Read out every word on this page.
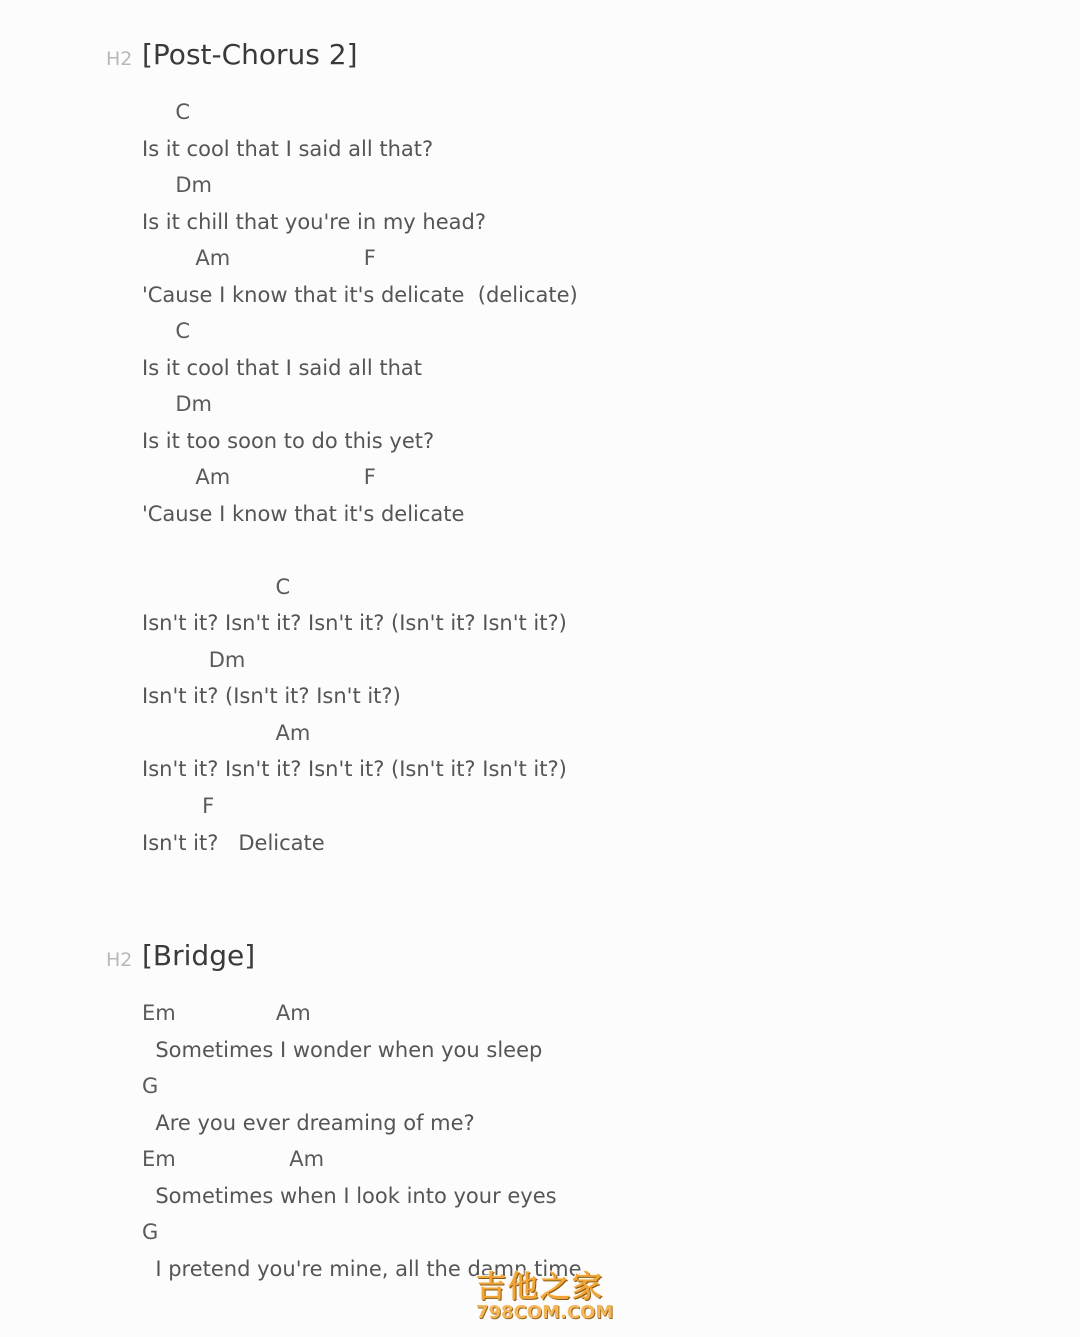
H2 [Post-Chorus 2]
C
Is it cool that I said all that?
Dm
Is it chill that you're in my head?
Am                    F
'Cause I know that it's delicate  (delicate)
C
Is it cool that I said all that
Dm
Is it too soon to do this yet?
Am                    F
'Cause I know that it's delicate
C
Isn't it? Isn't it? Isn't it? (Isn't it? Isn't it?)
Dm
Isn't it? (Isn't it? Isn't it?)
Am
Isn't it? Isn't it? Isn't it? (Isn't it? Isn't it?)
F
Isn't it?   Delicate
H2 [Bridge]
Em               Am
Sometimes I wonder when you sleep
G
Are you ever dreaming of me?
Em                 Am
Sometimes when I look into your eyes
G
I pretend you're mine, all the damn time
吉他之家
798COM.COM
